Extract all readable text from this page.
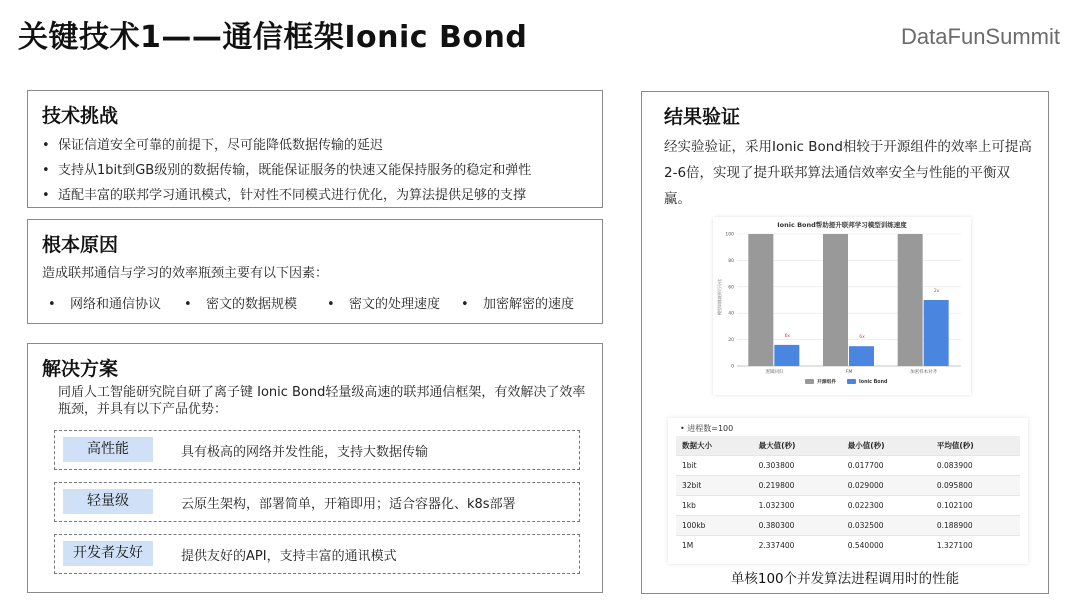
关键技术1——通信框架Ionic Bond	DataFunSummit
技术挑战
• 保证信道安全可靠的前提下，尽可能降低数据传输的延迟
• 支持从1bit到GB级别的数据传输，既能保证服务的快速又能保持服务的稳定和弹性
• 适配丰富的联邦学习通讯模式，针对性不同模式进行优化，为算法提供足够的支撑
根本原因
造成联邦通信与学习的效率瓶颈主要有以下因素：
• 网络和通信协议	• 密文的数据规模	• 密文的处理速度	• 加密解密的速度
解决方案
同盾人工智能研究院自研了离子键 Ionic Bond轻量级高速的联邦通信框架，有效解决了效率瓶颈，并具有以下产品优势：
高性能	具有极高的网络并发性能，支持大数据传输
轻量级	云原生架构，部署简单，开箱即用；适合容器化、k8s部署
开发者友好	提供友好的API，支持丰富的通讯模式
结果验证
经实验验证，采用Ionic Bond相较于开源组件的效率上可提高2-6倍，实现了提升联邦算法通信效率安全与性能的平衡双赢。
Ionic Bond帮助提升联邦学习模型训练速度
模型训练耗时百分比
0
20
40
60
80
100
6x
逻辑回归
6x
FM
2x
加密样本对齐
开源组件	Ionic Bond
• 进程数=100
数据大小	最大值(秒)	最小值(秒)	平均值(秒)
1bit	0.303800	0.017700	0.083900
32bit	0.219800	0.029000	0.095800
1kb	1.032300	0.022300	0.102100
100kb	0.380300	0.032500	0.188900
1M	2.337400	0.540000	1.327100
单核100个并发算法进程调用时的性能
